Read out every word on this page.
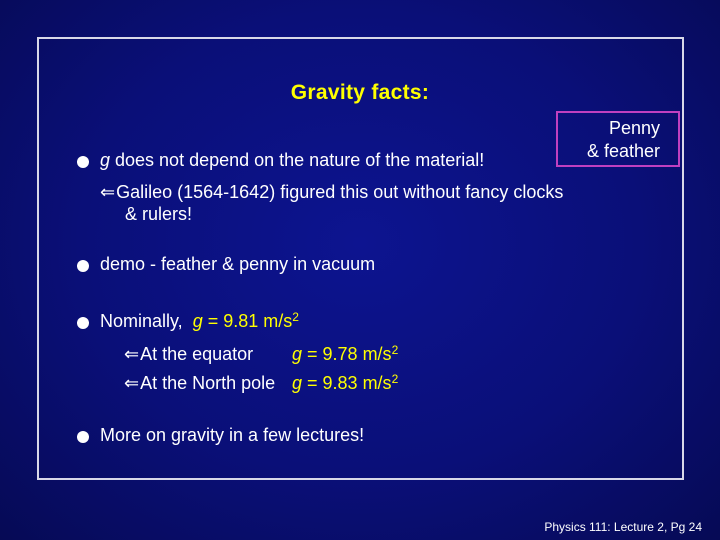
Gravity facts:
Penny
& feather
g does not depend on the nature of the material!
⇐Galileo (1564-1642) figured this out without fancy clocks
& rulers!
demo - feather & penny in vacuum
Nominally, g = 9.81 $m/s^2$
⇐At the equator g = 9.78 $m/s^2$
⇐At the North pole g = 9.83 $m/s^2$
More on gravity in a few lectures!
Physics 111: Lecture 2, Pg 24
